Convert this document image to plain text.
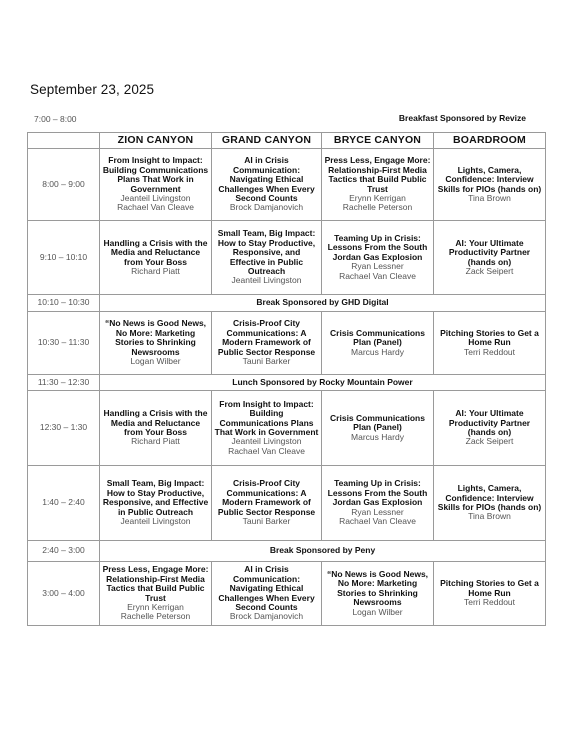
September 23, 2025
7:00 – 8:00	Breakfast Sponsored by Revize
	ZION CANYON	GRAND CANYON	BRYCE CANYON	BOARDROOM
8:00 – 9:00	From Insight to Impact: Building Communications Plans That Work in Government
Jeanteil Livingston
Rachael Van Cleave	AI in Crisis Communication: Navigating Ethical Challenges When Every Second Counts
Brock Damjanovich	Press Less, Engage More: Relationship-First Media Tactics that Build Public Trust
Erynn Kerrigan
Rachelle Peterson	Lights, Camera, Confidence: Interview Skills for PIOs (hands on)
Tina Brown

9:10 – 10:10	Handling a Crisis with the Media and Reluctance from Your Boss
Richard Piatt	Small Team, Big Impact: How to Stay Productive, Responsive, and Effective in Public Outreach
Jeanteil Livingston	Teaming Up in Crisis: Lessons From the South Jordan Gas Explosion
Ryan Lessner
Rachael Van Cleave	AI: Your Ultimate Productivity Partner (hands on)
Zack Seipert

10:10 – 10:30	Break Sponsored by GHD Digital			
10:30 – 11:30	“No News is Good News, No More: Marketing Stories to Shrinking Newsrooms
Logan Wilber	Crisis-Proof City Communications: A Modern Framework of Public Sector Response
Tauni Barker	Crisis Communications Plan (Panel)
Marcus Hardy	Pitching Stories to Get a Home Run
Terri Reddout

11:30 – 12:30	Lunch Sponsored by Rocky Mountain Power			
12:30 – 1:30	Handling a Crisis with the Media and Reluctance from Your Boss
Richard Piatt	From Insight to Impact: Building Communications Plans That Work in Government
Jeanteil Livingston
Rachael Van Cleave	Crisis Communications Plan (Panel)
Marcus Hardy	AI: Your Ultimate Productivity Partner (hands on)
Zack Seipert

1:40 – 2:40	Small Team, Big Impact: How to Stay Productive, Responsive, and Effective in Public Outreach
Jeanteil Livingston	Crisis-Proof City Communications: A Modern Framework of Public Sector Response
Tauni Barker	Teaming Up in Crisis: Lessons From the South Jordan Gas Explosion
Ryan Lessner
Rachael Van Cleave	Lights, Camera, Confidence: Interview Skills for PIOs (hands on)
Tina Brown

2:40 – 3:00	Break Sponsored by Peny			
3:00 – 4:00	Press Less, Engage More: Relationship-First Media Tactics that Build Public Trust
Erynn Kerrigan
Rachelle Peterson	AI in Crisis Communication: Navigating Ethical Challenges When Every Second Counts
Brock Damjanovich	“No News is Good News, No More: Marketing Stories to Shrinking Newsrooms
Logan Wilber	Pitching Stories to Get a Home Run
Terri Reddout
